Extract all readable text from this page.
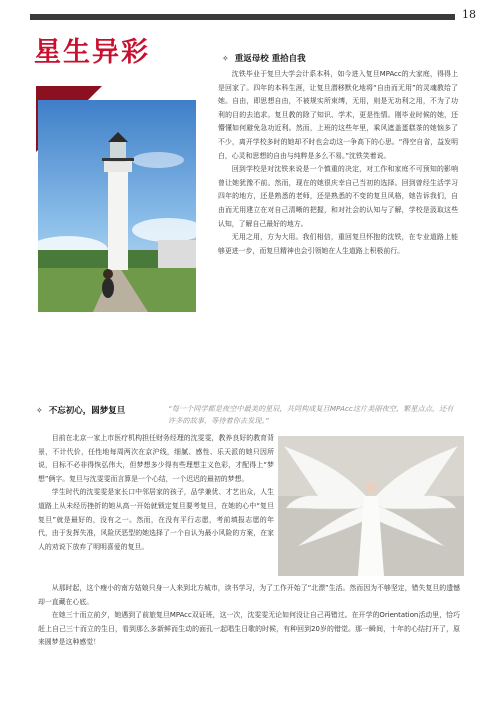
18
星生异彩	✧ 重返母校 重拾自我

沈铁毕业于复旦大学会计系本科，如今进入复旦MPAcc的大家庭，得得上是回家了。四年的本科生涯，让复旦潜移默化地将“自由而无用”的灵魂教给了她。自由，即思想自由，不被规实所束缚，无用，则是无功利之用，不为了功利的目的去追求。复旦教的除了知识、学术，更是性情。刚毕业时候的她，还懵懂如何避免急功近利。然而，上班的这些年里，乘风遮盖蛋糕茶的她恼多了不少，离开学校多时的她却不时也会动这一争高下的心思。“得空自省，益发明白，心灵和思想的自由与纯粹是多么不易。”沈铁笑着说。

回到学校是对沈铁来说是一个慎重的决定，对工作和家庭不可预知的影响曾让她犹豫不前。然而，现在的她很庆幸自己当初的选择。回到曾经生活学习四年的地方，还是熟悉的老师，还是熟悉的不变的复旦风格，她告诉我们，自由而无用建立在对自己清晰的把握，和对社会的认知与了解，学校是汲取这些认知，了解自己最好的地方。

无用之用，方为大用。我们相信，重回复旦怀抱的沈铁，在专业道路上能够更进一步，而复旦精神也会引领她在人生道路上积极前行。

✧ 不忘初心，圆梦复旦	“每一个同学都是夜空中最美的星辰，共同构成复旦MPAcc这片美丽夜空，繁星点点，还有许多的故事，等待着你去发现。”

目前在北京一家上市医疗机构担任财务经理的沈雯雯，教养良好的教育背景，不计代价，任性地每周两次在京沪线，细腻、感性、乐天派的她只因所说，目标不必非得恢弘伟大，但梦想多少得有些理想主义色彩，才配得上“梦想”俩字。复旦与沈雯雯而言算是一个心结，一个迟迟的最初的梦想。

学生时代的沈雯雯是家长口中邻居家的孩子，品学兼优、才艺出众，人生道路上从未经历挫折的她从高一开始就锁定复旦要考复旦，在她的心中“复旦复旦”就是最好的，没有之一。然而，在没有平行志愿，考前填报志愿的年代，由于发挥失准，风险厌恶型的她选择了一个自认为最小风险的方案，在家人的劝说下放弃了明明喜爱的复旦。

从那时起，这个瘦小的南方姑娘只身一人来到北方城市，读书学习，为了工作开始了“北漂”生活。然而因为不够坚定，错失复旦的遗憾却一直藏在心底。

在她三十而立前夕，她遇到了前旅复旦MPAcc双证班，这一次，沈雯雯无论如何没让自己再错过。在开学的Orientation活动里，恰巧赶上自己三十而立的生日，看到那么多新鲜而生动的面孔一起唱生日歌的时候，有种回到20岁的错觉。那一瞬间，十年的心结打开了，原来圆梦是这种感觉！
